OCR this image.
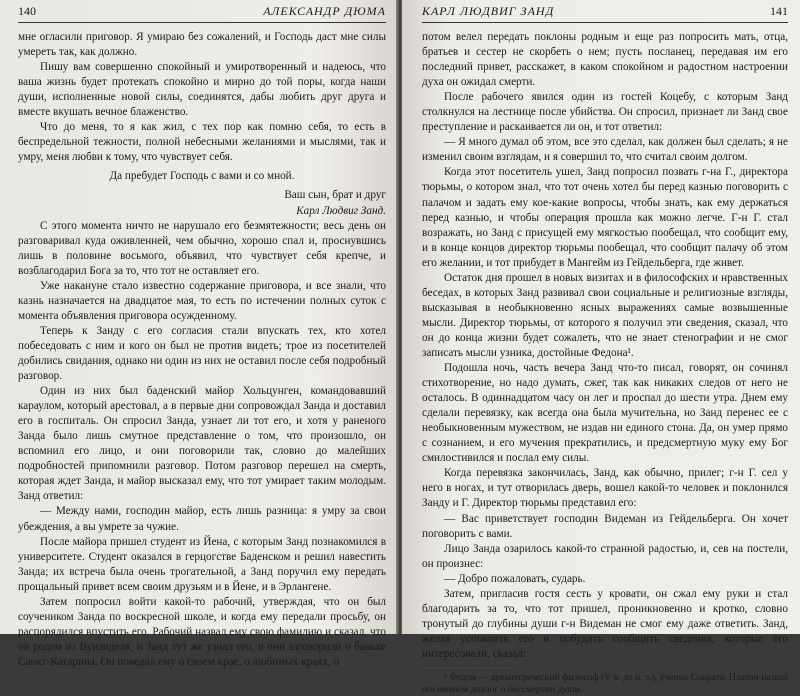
140	АЛЕКСАНДР ДЮМА

мне огласили приговор. Я умираю без сожалений, и Господь даст мне силы умереть так, как должно.

Пишу вам совершенно спокойный и умиротворенный и надеюсь, что ваша жизнь будет протекать спокойно и мирно до той поры, когда наши души, исполненные новой силы, соединятся, дабы любить друг друга и вместе вкушать вечное блаженство.

Что до меня, то я как жил, с тех пор как помню себя, то есть в беспредельной тежности, полной небесными желаниями и мыслями, так и умру, меня любви к тому, что чувствует себя.

Да пребудет Господь с вами и со мной.

Ваш сын, брат и друг

Карл Людвиг Занд.

С этого момента ничто не нарушало его безмятежности; весь день он разговаривал куда оживленней, чем обычно, хорошо спал и, проснувшись лишь в половине восьмого, объявил, что чувствует себя крепче, и возблагодарил Бога за то, что тот не оставляет его.

Уже накануне стало известно содержание приговора, и все знали, что казнь назначается на двадцатое мая, то есть по истечении полных суток с момента объявления приговора осужденному.

Теперь к Занду с его согласия стали впускать тех, кто хотел побеседовать с ним и кого он был не против видеть; трое из посетителей добились свидания, однако ни один из них не оставил после себя подробный разговор.

Один из них был баденский майор Хольцунген, командовавший караулом, который арестовал, а в первые дни сопровождал Занда и доставил его в госпиталь. Он спросил Занда, узнает ли тот его, и хотя у раненого Занда было лишь смутное представление о том, что произошло, он вспомнил его лицо, и они поговорили так, словно до малейших подробностей припомнили разговор. Потом разговор перешел на смерть, которая ждет Занда, и майор высказал ему, что тот умирает таким молодым. Занд ответил:

— Между нами, господин майор, есть лишь разница: я умру за свои убеждения, а вы умрете за чужие.

После майора пришел студент из Йена, с которым Занд познакомился в университете. Студент оказался в герцогстве Баденском и решил навестить Занда; их встреча была очень трогательной, а Занд поручил ему передать прощальный привет всем своим друзьям и в Йене, и в Эрлангене.

Затем попросил войти какой-то рабочий, утверждая, что он был соучеником Занда по воскресной школе, и когда ему передали просьбу, он распорядился впустить его. Рабочий назвал ему свою фамилию и сказал, что он родом из Вунзиделя, и Занд тут же узнал его, и они заговорили о баньке Санкт-Катарина. Он поведал ему о своем крае, о любимых краях, о

КАРЛ ЛЮДВИГ ЗАНД	141

потом велел передать поклоны родным и еще раз попросить мать, отца, братьев и сестер не скорбеть о нем; пусть посланец, передавая им его последний привет, расскажет, в каком спокойном и радостном настроении духа он ожидал смерти.

После рабочего явился один из гостей Коцебу, с которым Занд столкнулся на лестнице после убийства. Он спросил, признает ли Занд свое преступление и раскаивается ли он, и тот ответил:

— Я много думал об этом, все это сделал, как должен был сделать; я не изменил своим взглядам, и я совершил то, что считал своим долгом.

Когда этот посетитель ушел, Занд попросил позвать г-на Г., директора тюрьмы, о котором знал, что тот очень хотел бы перед казнью поговорить с палачом и задать ему кое-какие вопросы, чтобы знать, как ему держаться перед казнью, и чтобы операция прошла как можно легче. Г-н Г. стал возражать, но Занд с присущей ему мягкостью пообещал, что сообщит ему, и в конце концов директор тюрьмы пообещал, что сообщит палачу об этом его желании, и тот прибудет в Мангейм из Гейдельберга, где живет.

Остаток дня прошел в новых визитах и в философских и нравственных беседах, в которых Занд развивал свои социальные и религиозные взгляды, высказывая в необыкновенно ясных выражениях самые возвышенные мысли. Директор тюрьмы, от которого я получил эти сведения, сказал, что он до конца жизни будет сожалеть, что не знает стенографии и не смог записать мысли узника, достойные Федона¹.

Подошла ночь, часть вечера Занд что-то писал, говорят, он сочинял стихотворение, но надо думать, сжег, так как никаких следов от него не осталось. В одиннадцатом часу он лег и проспал до шести утра. Днем ему сделали перевязку, как всегда она была мучительна, но Занд перенес ее с необыкновенным мужеством, не издав ни единого стона. Да, он умер прямо с сознанием, и его мучения прекратились, и предсмертную муку ему Бог смилостивился и послал ему силы.

Когда перевязка закончилась, Занд, как обычно, прилег; г-н Г. сел у него в ногах, и тут отворилась дверь, вошел какой-то человек и поклонился Занду и Г. Директор тюрьмы представил его:

— Вас приветствует господин Видеман из Гейдельберга. Он хочет поговорить с вами.

Лицо Занда озарилось какой-то странной радостью, и, сев на постели, он произнес:

— Добро пожаловать, сударь.

Затем, пригласив гостя сесть у кровати, он сжал ему руки и стал благодарить за то, что тот пришел, проникновенно и кротко, словно тронутый до глубины души г-н Видеман не смог ему даже ответить. Занд, желая успокоить его и побудить сообщить сведения, которые его интересовали, сказал:

¹ Федон — древнегреческий философ (V в. до н. э.), ученик Сократа. Платон назвал его именем диалог о бессмертии души.
